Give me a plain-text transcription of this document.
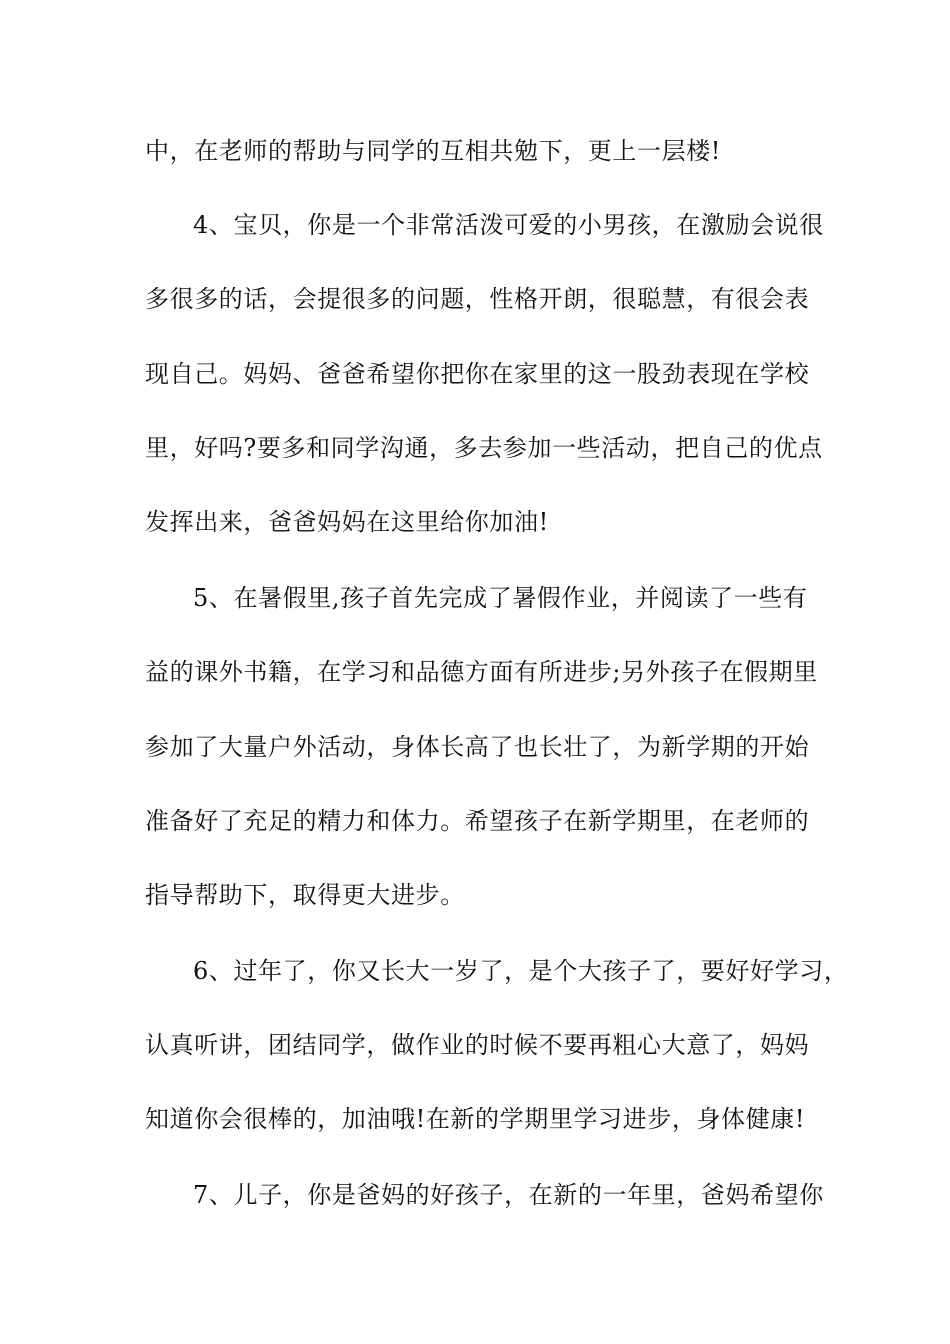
中，在老师的帮助与同学的互相共勉下，更上一层楼!
4、宝贝，你是一个非常活泼可爱的小男孩，在激励会说很
多很多的话，会提很多的问题，性格开朗，很聪慧，有很会表
现自己。妈妈、爸爸希望你把你在家里的这一股劲表现在学校
里，好吗?要多和同学沟通，多去参加一些活动，把自己的优点
发挥出来，爸爸妈妈在这里给你加油!
5、在暑假里,孩子首先完成了暑假作业，并阅读了一些有
益的课外书籍，在学习和品德方面有所进步;另外孩子在假期里
参加了大量户外活动，身体长高了也长壮了，为新学期的开始
准备好了充足的精力和体力。希望孩子在新学期里，在老师的
指导帮助下，取得更大进步。
6、过年了，你又长大一岁了，是个大孩子了，要好好学习，
认真听讲，团结同学，做作业的时候不要再粗心大意了，妈妈
知道你会很棒的，加油哦!在新的学期里学习进步，身体健康!
7、儿子，你是爸妈的好孩子，在新的一年里，爸妈希望你
